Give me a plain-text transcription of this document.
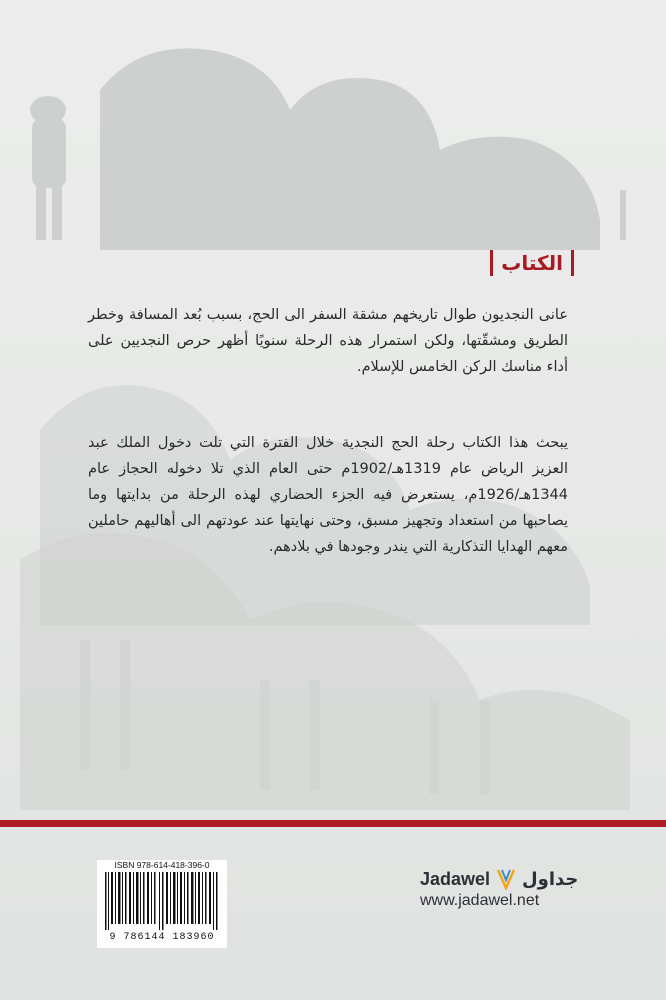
الكتاب

عانى النجديون طوال تاريخهم مشقة السفر الى الحج، بسبب بُعد المسافة وخطر الطريق ومشقّتها، ولكن استمرار هذه الرحلة سنويًا أظهر حرص النجديين على أداء مناسك الركن الخامس للإسلام.

يبحث هذا الكتاب رحلة الحج النجدية خلال الفترة التي تلت دخول الملك عبد العزيز الرياض عام 1319هـ/1902م حتى العام الذي تلا دخوله الحجاز عام 1344هـ/1926م، يستعرض فيه الجزء الحضاري لهذه الرحلة من بدايتها وما يصاحبها من استعداد وتجهيز مسبق، وحتى نهايتها عند عودتهم الى أهاليهم حاملين معهم الهدايا التذكارية التي يندر وجودها في بلادهم.

ISBN 978-614-418-396-0
9 786144 183960
Jadawel جداول
www.jadawel.net
